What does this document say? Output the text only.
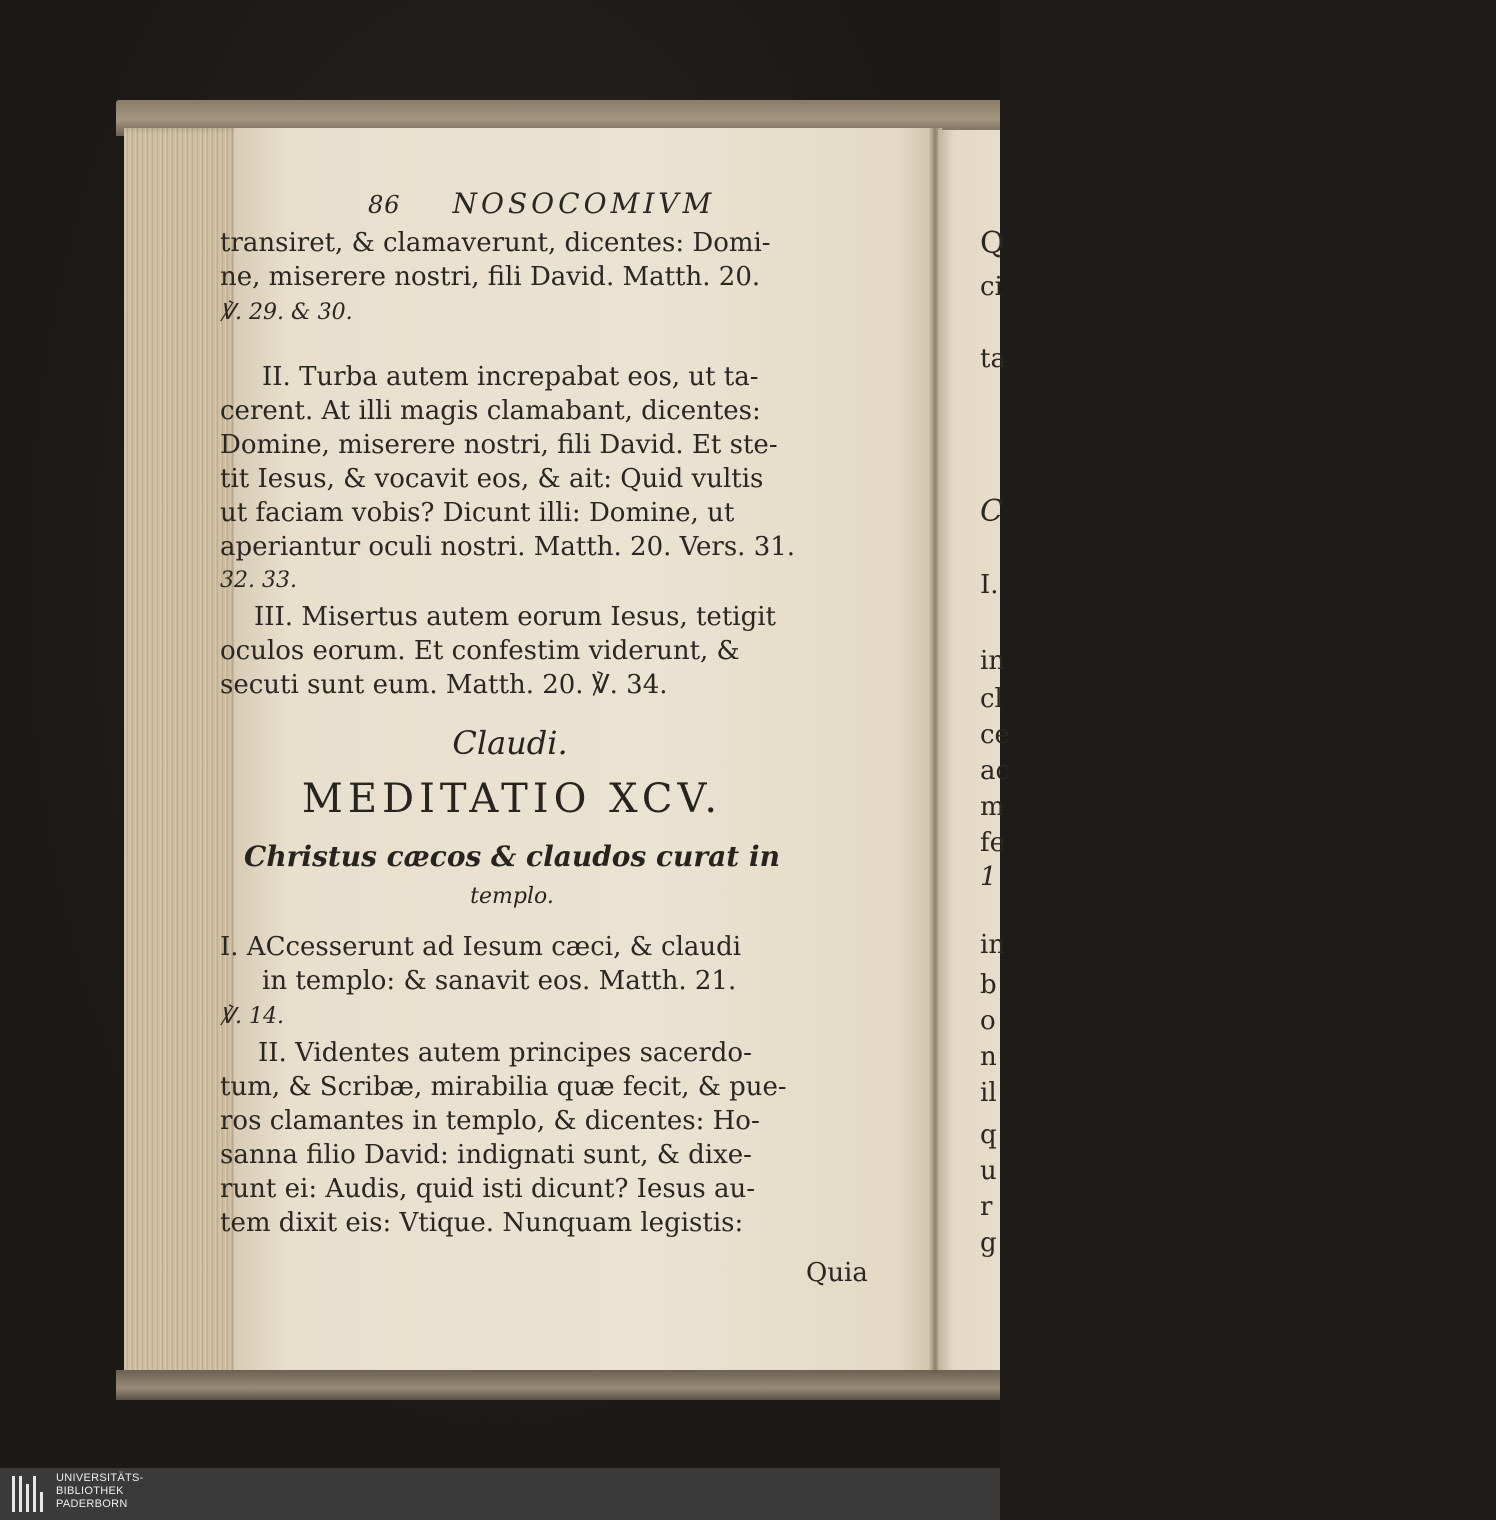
86 NOSOCOMIVM

transiret, & clamaverunt, dicentes: Domi-

ne, miserere nostri, fili David. Matth. 20.

℣. 29. & 30.

II. Turba autem increpabat eos, ut ta-

cerent. At illi magis clamabant, dicentes:

Domine, miserere nostri, fili David. Et ste-

tit Iesus, & vocavit eos, & ait: Quid vultis

ut faciam vobis? Dicunt illi: Domine, ut

aperiantur oculi nostri. Matth. 20. Vers. 31.

32. 33.

III. Misertus autem eorum Iesus, tetigit

oculos eorum. Et confestim viderunt, &

secuti sunt eum. Matth. 20. ℣. 34.

Claudi.

MEDITATIO XCV.

Christus cæcos & claudos curat in

templo.

I. ACcesserunt ad Iesum cæci, & claudi

in templo: & sanavit eos. Matth. 21.

℣. 14.

II. Videntes autem principes sacerdo-

tum, & Scribæ, mirabilia quæ fecit, & pue-

ros clamantes in templo, & dicentes: Ho-

sanna filio David: indignati sunt, & dixe-

runt ei: Audis, quid isti dicunt? Iesus au-

tem dixit eis: Vtique. Nunquam legistis:

Quia

Q
ci
ta
C
I.
in
cl
ce
ac
m
fe
1
in
b
o
n
il
q
u
r
g
UNIVERSITÄTS-
BIBLIOTHEK
PADERBORN
